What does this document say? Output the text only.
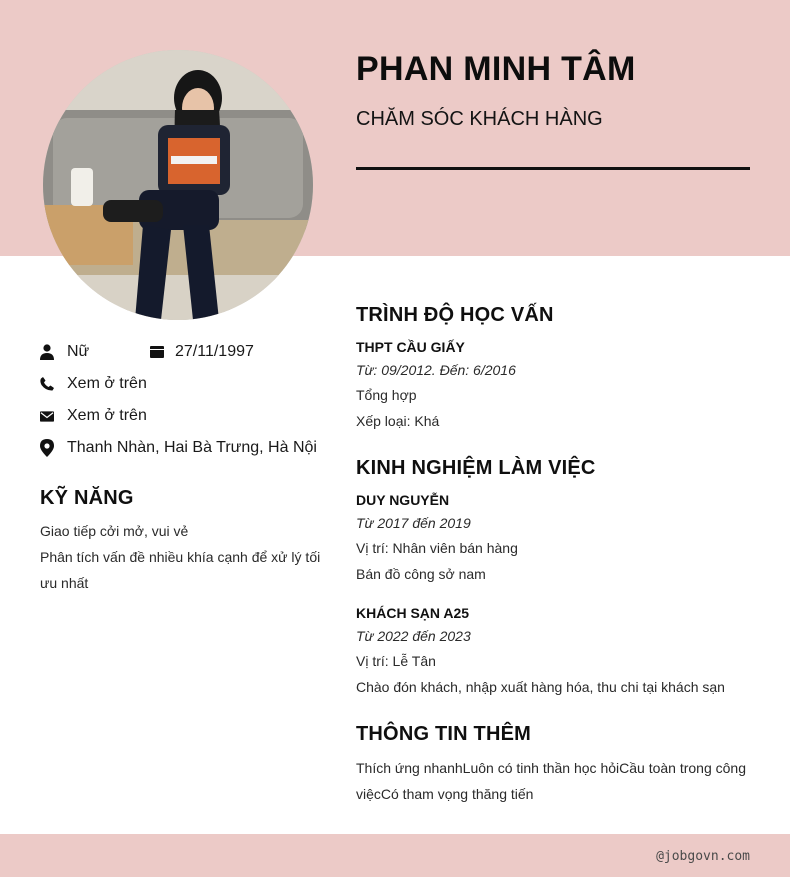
PHAN MINH TÂM
CHĂM SÓC KHÁCH HÀNG
Nữ	27/11/1997
Xem ở trên
Xem ở trên
Thanh Nhàn, Hai Bà Trưng, Hà Nội
KỸ NĂNG
Giao tiếp cởi mở, vui vẻ
Phân tích vấn đề nhiều khía cạnh để xử lý tối ưu nhất
TRÌNH ĐỘ HỌC VẤN
THPT CẦU GIẤY
Từ: 09/2012. Đến: 6/2016
Tổng hợp
Xếp loại: Khá
KINH NGHIỆM LÀM VIỆC
DUY NGUYỄN
Từ 2017 đến 2019
Vị trí: Nhân viên bán hàng
Bán đồ công sở nam
KHÁCH SẠN A25
Từ 2022 đến 2023
Vị trí: Lễ Tân
Chào đón khách, nhập xuất hàng hóa, thu chi tại khách sạn
THÔNG TIN THÊM
Thích ứng nhanhLuôn có tinh thần học hỏiCầu toàn trong công việcCó tham vọng thăng tiến
@jobgovn.com
